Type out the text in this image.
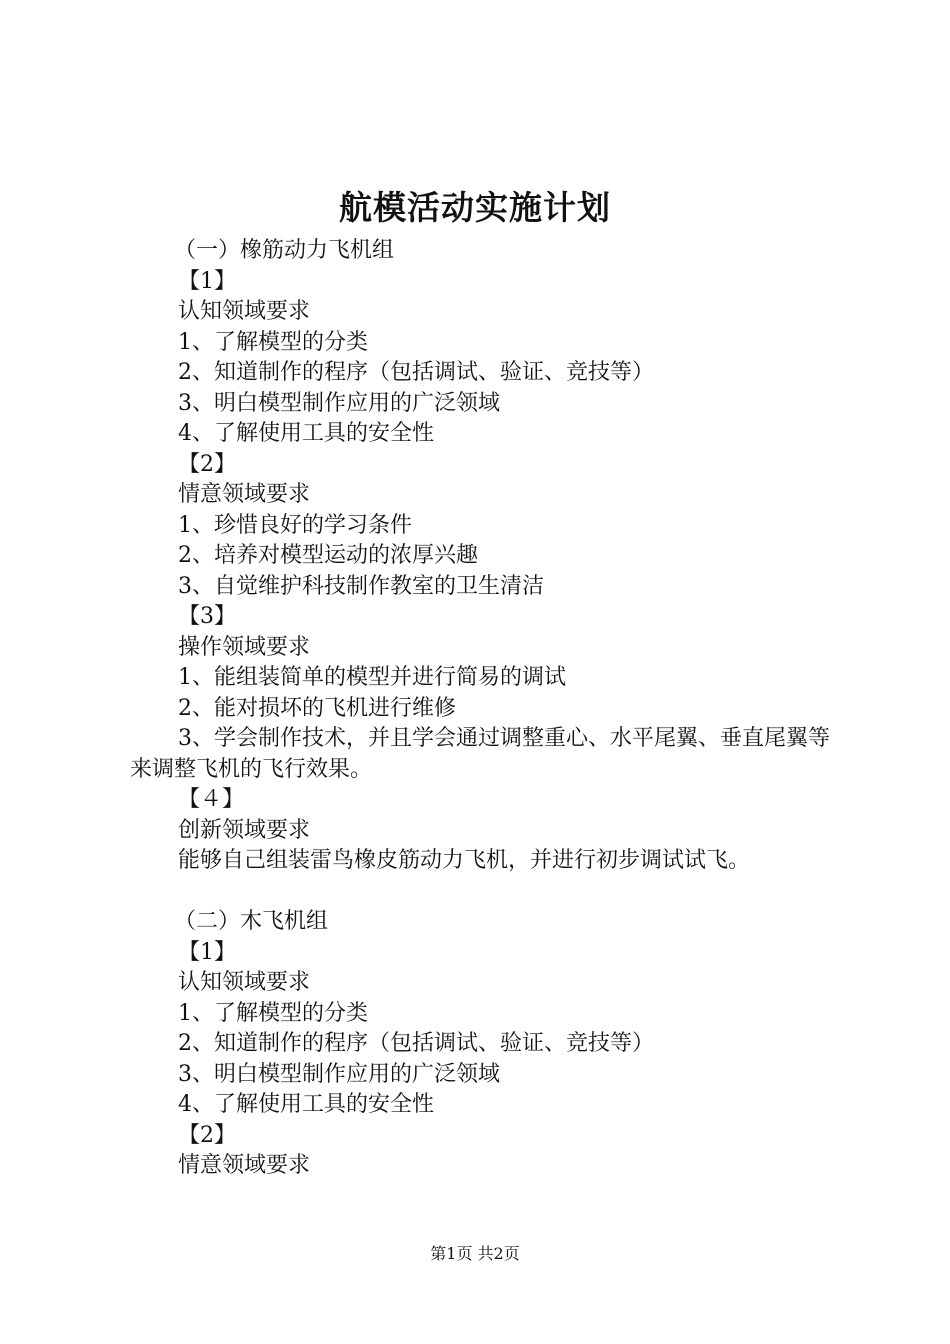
航模活动实施计划
（一）橡筋动力飞机组
【1】
认知领域要求
1、了解模型的分类
2、知道制作的程序（包括调试、验证、竞技等）
3、明白模型制作应用的广泛领域
4、了解使用工具的安全性
【2】
情意领域要求
1、珍惜良好的学习条件
2、培养对模型运动的浓厚兴趣
3、自觉维护科技制作教室的卫生清洁
【3】
操作领域要求
1、能组装简单的模型并进行简易的调试
2、能对损坏的飞机进行维修
3、学会制作技术，并且学会通过调整重心、水平尾翼、垂直尾翼等来调整飞机的飞行效果。
【４】
创新领域要求
能够自己组装雷鸟橡皮筋动力飞机，并进行初步调试试飞。
（二）木飞机组
【1】
认知领域要求
1、了解模型的分类
2、知道制作的程序（包括调试、验证、竞技等）
3、明白模型制作应用的广泛领域
4、了解使用工具的安全性
【2】
情意领域要求
第1页 共2页
